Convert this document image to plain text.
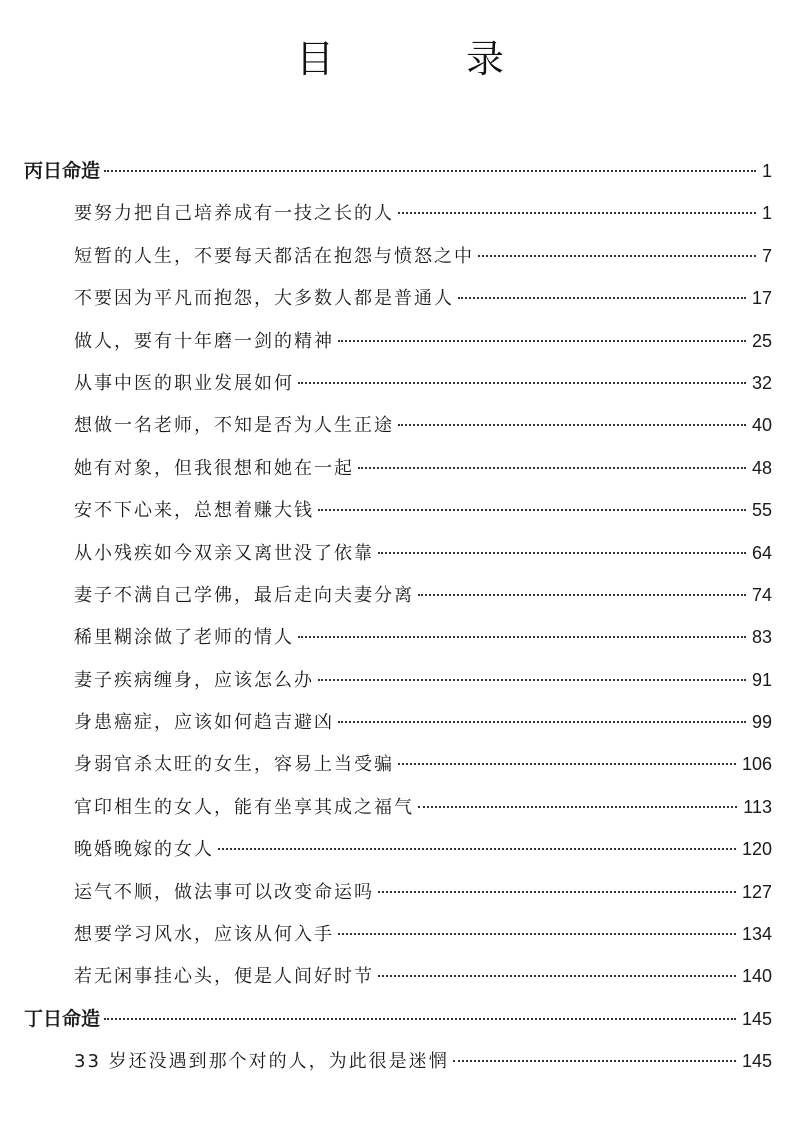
目 录
丙日命造	1
要努力把自己培养成有一技之长的人	1
短暂的人生，不要每天都活在抱怨与愤怒之中	7
不要因为平凡而抱怨，大多数人都是普通人	17
做人，要有十年磨一剑的精神	25
从事中医的职业发展如何	32
想做一名老师，不知是否为人生正途	40
她有对象，但我很想和她在一起	48
安不下心来，总想着赚大钱	55
从小残疾如今双亲又离世没了依靠	64
妻子不满自己学佛，最后走向夫妻分离	74
稀里糊涂做了老师的情人	83
妻子疾病缠身，应该怎么办	91
身患癌症，应该如何趋吉避凶	99
身弱官杀太旺的女生，容易上当受骗	106
官印相生的女人，能有坐享其成之福气	113
晚婚晚嫁的女人	120
运气不顺，做法事可以改变命运吗	127
想要学习风水，应该从何入手	134
若无闲事挂心头，便是人间好时节	140
丁日命造	145
33 岁还没遇到那个对的人，为此很是迷惘	145
